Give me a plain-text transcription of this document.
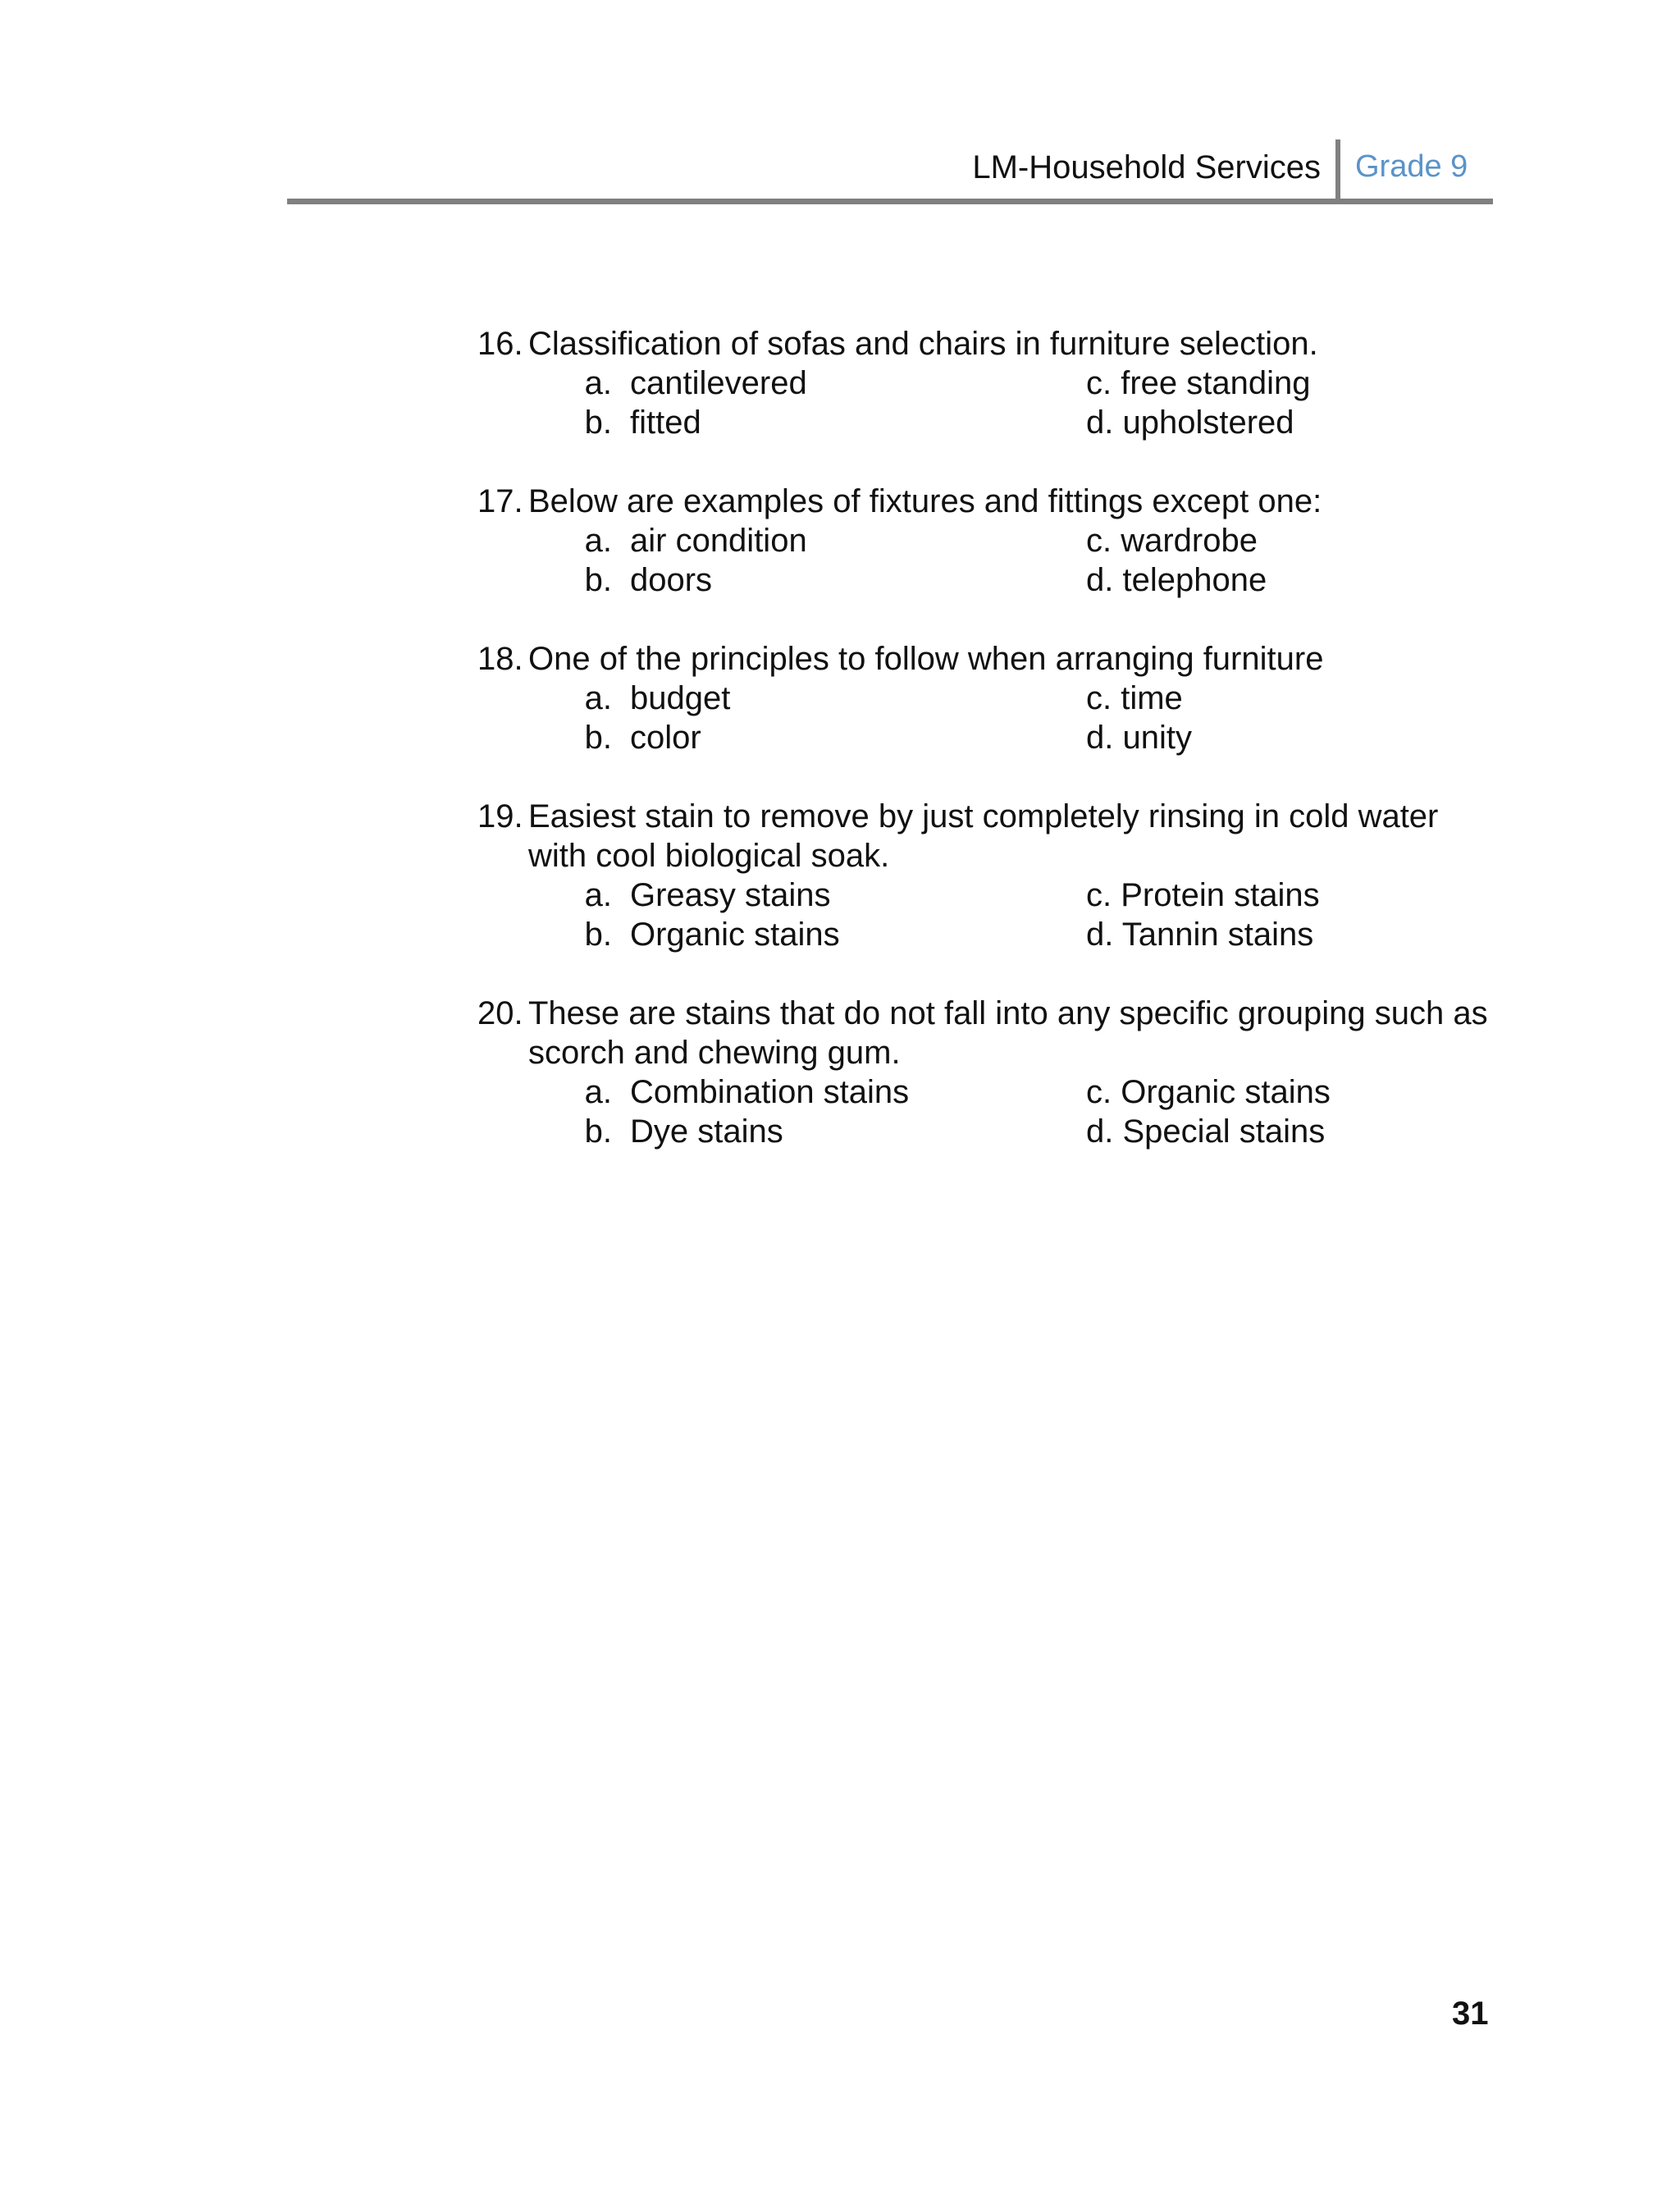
LM-Household Services Grade 9
16. Classification of sofas and chairs in furniture selection.
a. cantilevered	c. free standing
b. fitted	d. upholstered
17. Below are examples of fixtures and fittings except one:
a. air condition	c. wardrobe
b. doors	d. telephone
18. One of the principles to follow when arranging furniture
a. budget	c. time
b. color	d. unity
19. Easiest stain to remove by just completely rinsing in cold water with cool biological soak.
a. Greasy stains	c. Protein stains
b. Organic stains	d. Tannin stains
20. These are stains that do not fall into any specific grouping such as scorch and chewing gum.
a. Combination stains	c. Organic stains
b. Dye stains	d. Special stains
31
